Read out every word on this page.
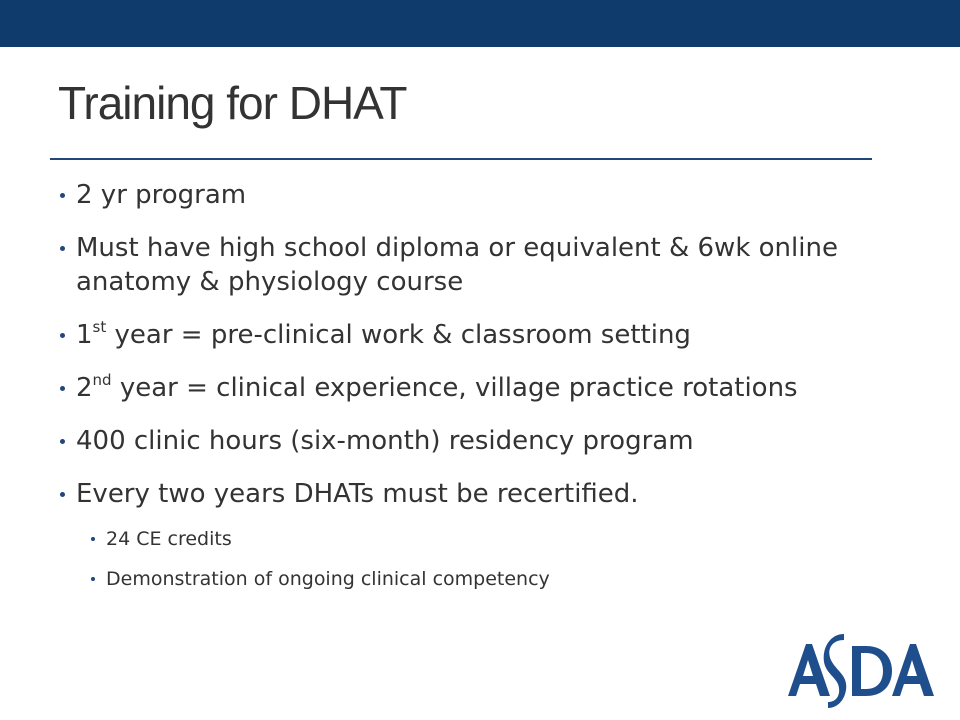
Training for DHAT
2 yr program
Must have high school diploma or equivalent & 6wk online anatomy & physiology course
1st year = pre-clinical work & classroom setting
2nd year = clinical experience, village practice rotations
400 clinic hours (six-month) residency program
Every two years DHATs must be recertified.
24 CE credits
Demonstration of ongoing clinical competency
